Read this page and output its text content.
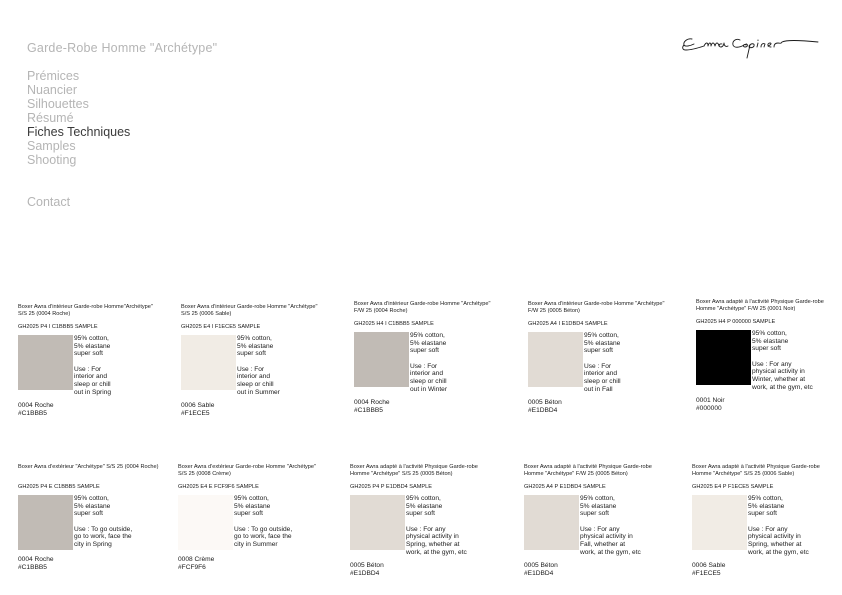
Garde-Robe Homme "Archétype"
Prémices
Nuancier
Silhouettes
Résumé
Fiches Techniques
Samples
Shooting
Contact
Boxer Awra d'intérieur Garde-robe Homme"Archétype" S/S 25 (0004 Roche)
GH2025 P4 I C1BBB5 SAMPLE
95% cotton,
5% elastane
super soft
Use : For
interior and
sleep or chill
out in Spring
0004 Roche
#C1BBB5
Boxer Awra d'intérieur Garde-robe Homme "Archétype" S/S 25 (0006 Sable)
GH2025 E4 I F1ECE5 SAMPLE
95% cotton,
5% elastane
super soft
Use : For
interior and
sleep or chill
out in Summer
0006 Sable
#F1ECE5
Boxer Awra d'intérieur Garde-robe Homme "Archétype" F/W 25 (0004 Roche)
GH2025 H4 I C1BBB5 SAMPLE
95% cotton,
5% elastane
super soft
Use : For
interior and
sleep or chill
out in Winter
0004 Roche
#C1BBB5
Boxer Awra d'intérieur Garde-robe Homme "Archétype" F/W 25 (0005 Béton)
GH2025 A4 I E1DBD4 SAMPLE
95% cotton,
5% elastane
super soft
Use : For
interior and
sleep or chill
out in Fall
0005 Béton
#E1DBD4
Boxer Awra adapté à l'activité Physique Garde-robe Homme "Archétype" F/W 25 (0001 Noir)
GH2025 H4 P 000000 SAMPLE
95% cotton,
5% elastane
super soft
Use : For any
physical activity in
Winter, whether at
work, at the gym, etc
0001 Noir
#000000
Boxer Awra d'extérieur "Archétype" S/S 25 (0004 Roche)
GH2025 P4 E C1BBB5 SAMPLE
95% cotton,
5% elastane
super soft
Use : To go outside,
go to work, face the
city in Spring
0004 Roche
#C1BBB5
Boxer Awra d'extérieur Garde-robe Homme "Archétype" S/S 25 (0008 Crème)
GH2025 E4 E FCF9F6 SAMPLE
95% cotton,
5% elastane
super soft
Use : To go outside,
go to work, face the
city in Summer
0008 Crème
#FCF9F6
Boxer Awra adapté à l'activité Physique Garde-robe Homme "Archétype" S/S 25 (0005 Béton)
GH2025 P4 P E1DBD4 SAMPLE
95% cotton,
5% elastane
super soft
Use : For any
physical activity in
Spring, whether at
work, at the gym, etc
0005 Béton
#E1DBD4
Boxer Awra adapté à l'activité Physique Garde-robe Homme "Archétype" F/W 25 (0005 Béton)
GH2025 A4 P E1DBD4 SAMPLE
95% cotton,
5% elastane
super soft
Use : For any
physical activity in
Fall, whether at
work, at the gym, etc
0005 Béton
#E1DBD4
Boxer Awra adapté à l'activité Physique Garde-robe Homme "Archétype" S/S 25 (0006 Sable)
GH2025 E4 P F1ECE5 SAMPLE
95% cotton,
5% elastane
super soft
Use : For any
physical activity in
Spring, whether at
work, at the gym, etc
0006 Sable
#F1ECE5
